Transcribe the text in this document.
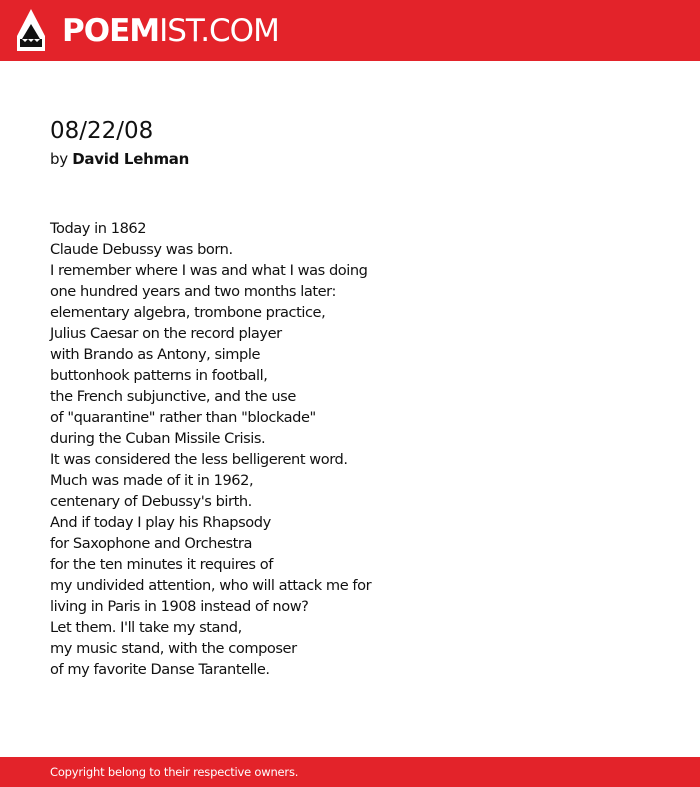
POEMIST.COM
08/22/08
by David Lehman
Today in 1862
Claude Debussy was born.
I remember where I was and what I was doing
one hundred years and two months later:
elementary algebra, trombone practice,
Julius Caesar on the record player
with Brando as Antony, simple
buttonhook patterns in football,
the French subjunctive, and the use
of "quarantine" rather than "blockade"
during the Cuban Missile Crisis.
It was considered the less belligerent word.
Much was made of it in 1962,
centenary of Debussy's birth.
And if today I play his Rhapsody
for Saxophone and Orchestra
for the ten minutes it requires of
my undivided attention, who will attack me for
living in Paris in 1908 instead of now?
Let them. I'll take my stand,
my music stand, with the composer
of my favorite Danse Tarantelle.
Copyright belong to their respective owners.
